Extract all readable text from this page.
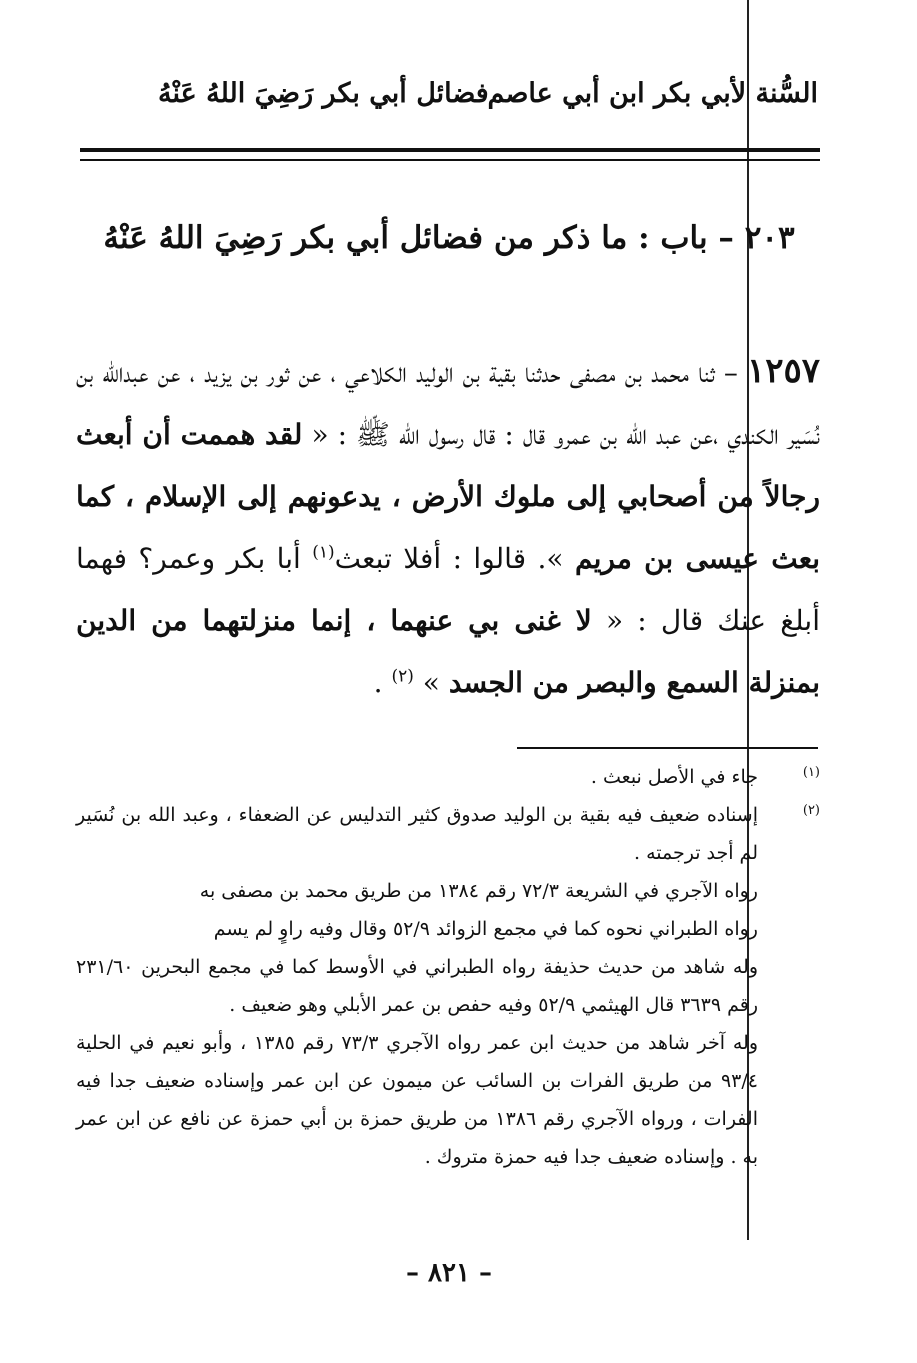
السُّنة لأبي بكر ابن أبي عاصم
فضائل أبي بكر رَضِيَ اللهُ عَنْهُ
٢٠٣ – باب : ما ذكر من فضائل أبي بكر رَضِيَ اللهُ عَنْهُ
١٢٥٧ – ثنا محمد بن مصفى حدثنا بقية بن الوليد الكلاعي ، عن ثور بن يزيد ، عن عبدالله بن نُسَير الكندي ،عن عبد الله بن عمرو قال : قال رسول الله ﷺ : « لقد هممت أن أبعث رجالاً من أصحابي إلى ملوك الأرض ، يدعونهم إلى الإسلام ، كما بعث عيسى بن مريم ». قالوا : أفلا تبعث$^{(١)}$ أبا بكر وعمر؟ فهما أبلغ عنك قال : « لا غنى بي عنهما ، إنما منزلتهما من الدين بمنزلة السمع والبصر من الجسد » $^{(٢)}$ .
(١)
جاء في الأصل نبعث .
(٢)
إسناده ضعيف فيه بقية بن الوليد صدوق كثير التدليس عن الضعفاء ، وعبد الله بن نُسَير لم أجد ترجمته .
رواه الآجري في الشريعة ٧٢/٣ رقم ١٣٨٤ من طريق محمد بن مصفى به
رواه الطبراني نحوه كما في مجمع الزوائد ٥٢/٩ وقال وفيه راوٍ لم يسم
وله شاهد من حديث حذيفة رواه الطبراني في الأوسط كما في مجمع البحرين ٢٣١/٦٠ رقم ٣٦٣٩ قال الهيثمي ٥٢/٩ وفيه حفص بن عمر الأبلي وهو ضعيف .
وله آخر شاهد من حديث ابن عمر رواه الآجري ٧٣/٣ رقم ١٣٨٥ ، وأبو نعيم في الحلية ٩٣/٤ من طريق الفرات بن السائب عن ميمون عن ابن عمر وإسناده ضعيف جدا فيه الفرات ، ورواه الآجري رقم ١٣٨٦ من طريق حمزة بن أبي حمزة عن نافع عن ابن عمر به . وإسناده ضعيف جدا فيه حمزة متروك .
– ٨٢١ –
